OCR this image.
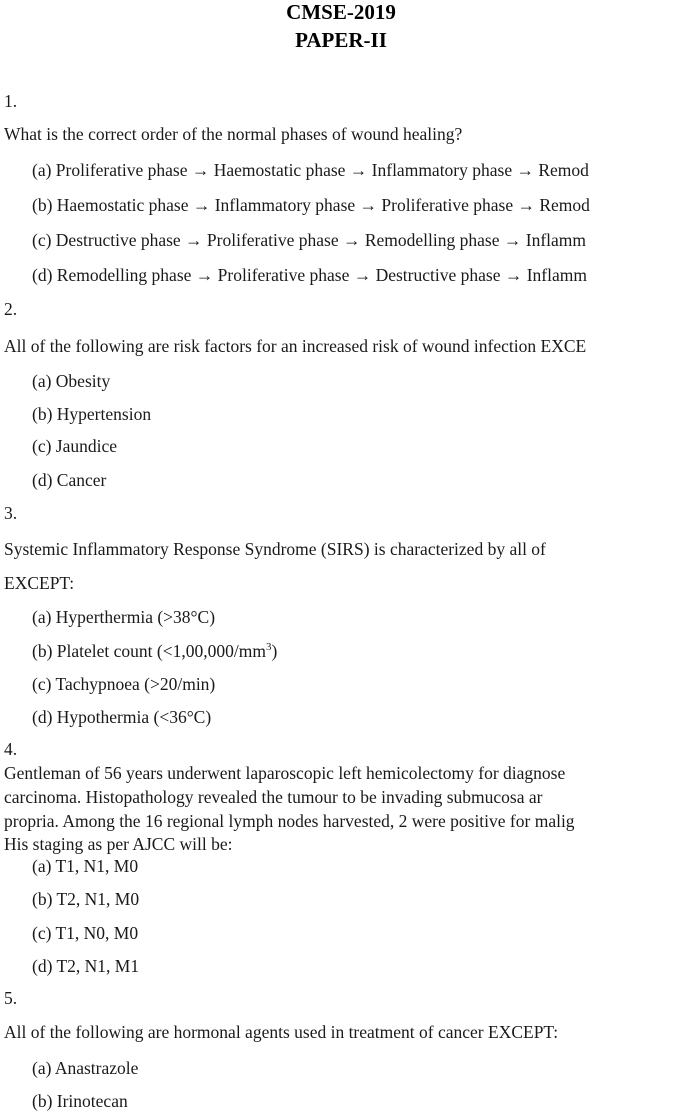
CMSE-2019
PAPER-II
1.
What is the correct order of the normal phases of wound healing?
(a) Proliferative phase → Haemostatic phase → Inflammatory phase → Remod
(b) Haemostatic phase → Inflammatory phase → Proliferative phase → Remod
(c) Destructive phase → Proliferative phase → Remodelling phase → Inflamm
(d) Remodelling phase → Proliferative phase → Destructive phase → Inflamm
2.
All of the following are risk factors for an increased risk of wound infection EXCE
(a) Obesity
(b) Hypertension
(c) Jaundice
(d) Cancer
3.
Systemic Inflammatory Response Syndrome (SIRS) is characterized by all of
EXCEPT:
(a) Hyperthermia (>38°C)
(b) Platelet count $(<1,00,000/mm^3)$
(c) Tachypnoea (>20/min)
(d) Hypothermia (<36°C)
4.
Gentleman of 56 years underwent laparoscopic left hemicolectomy for diagnose
carcinoma. Histopathology revealed the tumour to be invading submucosa ar
propria. Among the 16 regional lymph nodes harvested, 2 were positive for malig
His staging as per AJCC will be:
(a) T1, N1, M0
(b) T2, N1, M0
(c) T1, N0, M0
(d) T2, N1, M1
5.
All of the following are hormonal agents used in treatment of cancer EXCEPT:
(a) Anastrazole
(b) Irinotecan
